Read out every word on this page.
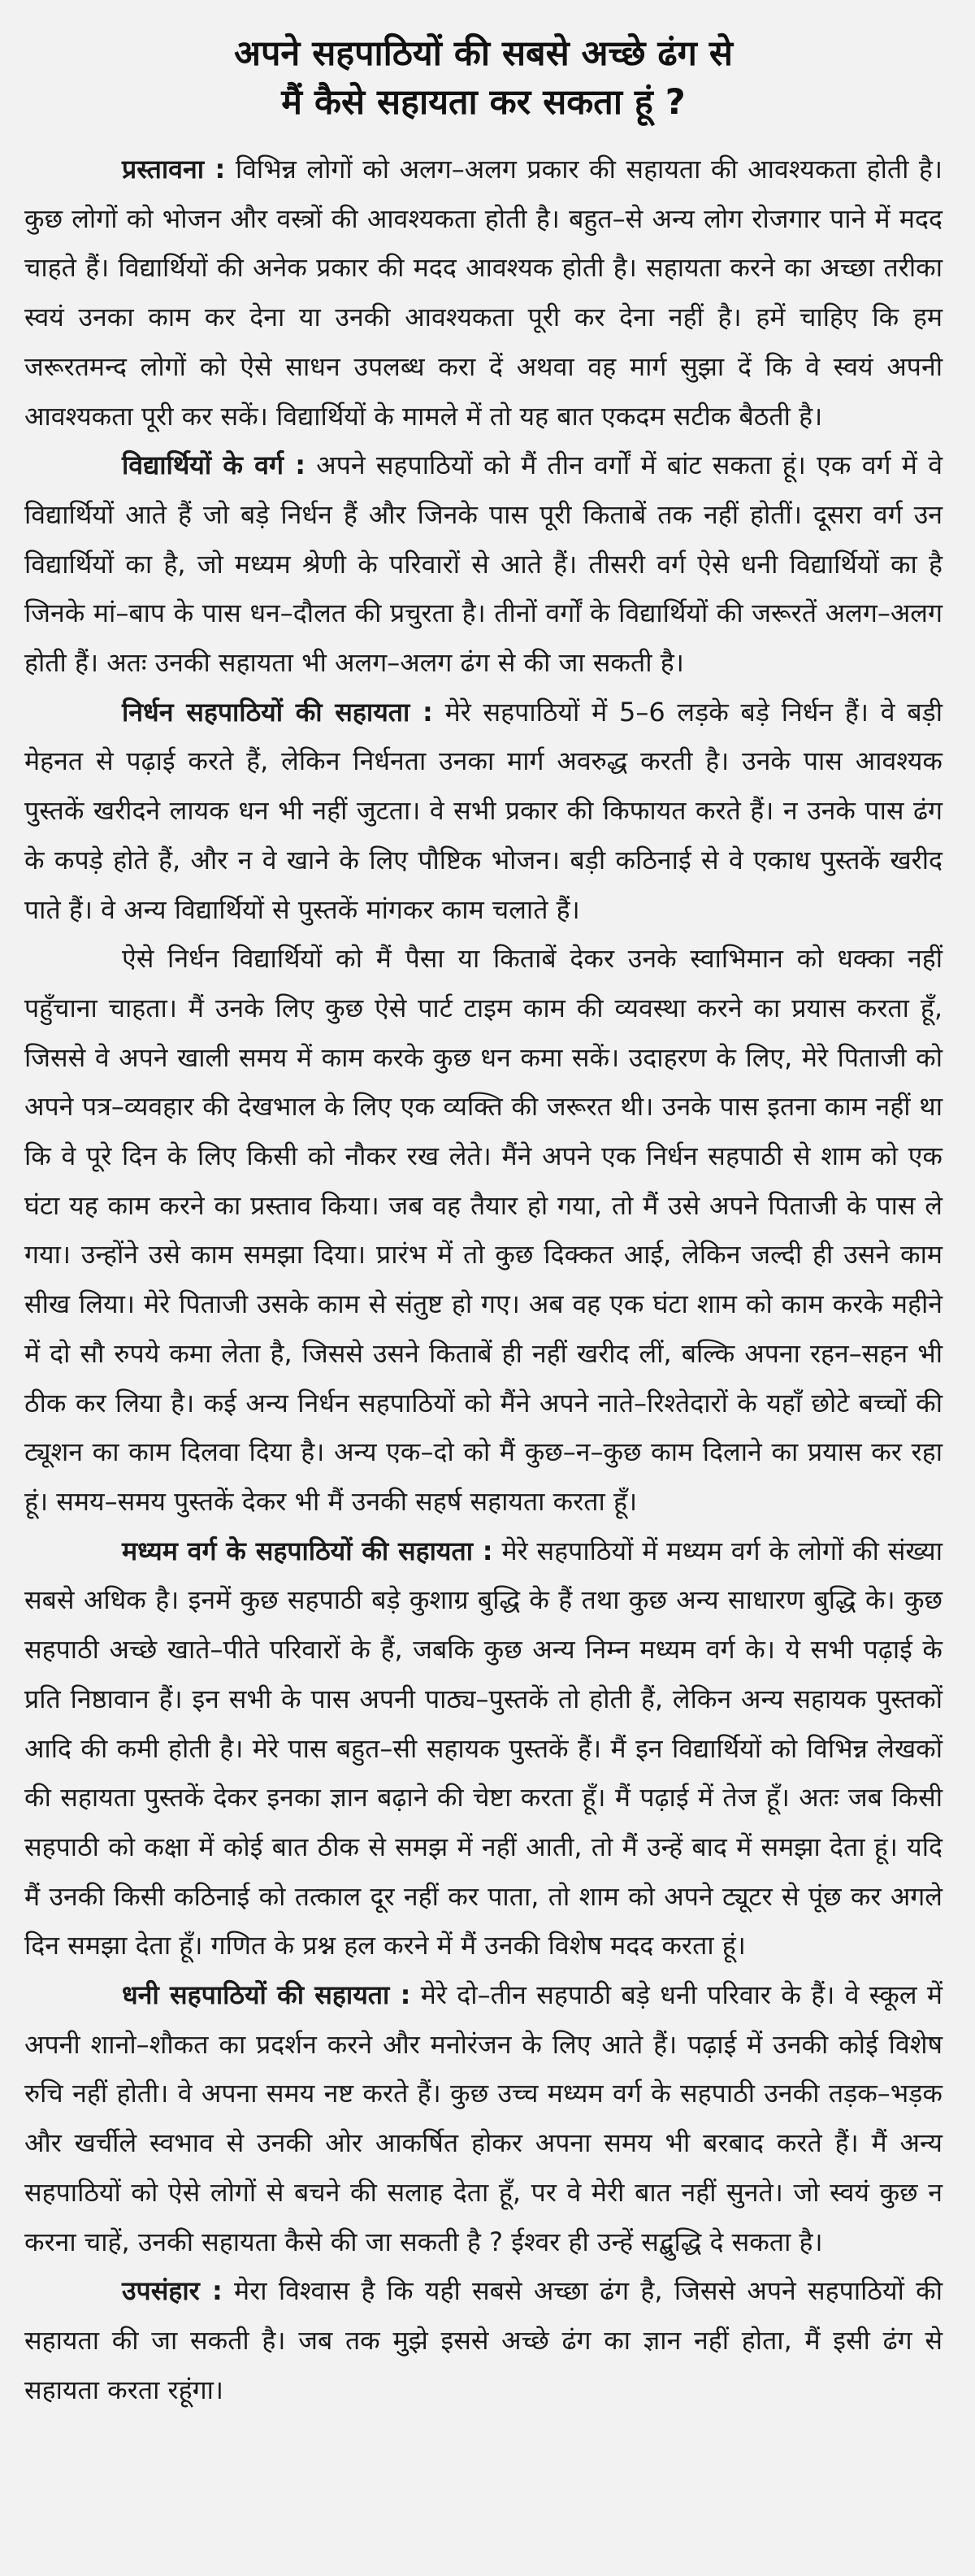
अपने सहपाठियों की सबसे अच्छे ढंग से
मैं कैसे सहायता कर सकता हूं ?

प्रस्तावना : विभिन्न लोगों को अलग–अलग प्रकार की सहायता की आवश्यकता होती है। कुछ लोगों को भोजन और वस्त्रों की आवश्यकता होती है। बहुत–से अन्य लोग रोजगार पाने में मदद चाहते हैं। विद्यार्थियों की अनेक प्रकार की मदद आवश्यक होती है। सहायता करने का अच्छा तरीका स्वयं उनका काम कर देना या उनकी आवश्यकता पूरी कर देना नहीं है। हमें चाहिए कि हम जरूरतमन्द लोगों को ऐसे साधन उपलब्ध करा दें अथवा वह मार्ग सुझा दें कि वे स्वयं अपनी आवश्यकता पूरी कर सकें। विद्यार्थियों के मामले में तो यह बात एकदम सटीक बैठती है।

विद्यार्थियों के वर्ग : अपने सहपाठियों को मैं तीन वर्गों में बांट सकता हूं। एक वर्ग में वे विद्यार्थियों आते हैं जो बड़े निर्धन हैं और जिनके पास पूरी किताबें तक नहीं होतीं। दूसरा वर्ग उन विद्यार्थियों का है, जो मध्यम श्रेणी के परिवारों से आते हैं। तीसरी वर्ग ऐसे धनी विद्यार्थियों का है जिनके मां–बाप के पास धन–दौलत की प्रचुरता है। तीनों वर्गों के विद्यार्थियों की जरूरतें अलग–अलग होती हैं। अतः उनकी सहायता भी अलग–अलग ढंग से की जा सकती है।

निर्धन सहपाठियों की सहायता : मेरे सहपाठियों में 5–6 लड़के बड़े निर्धन हैं। वे बड़ी मेहनत से पढ़ाई करते हैं, लेकिन निर्धनता उनका मार्ग अवरुद्ध करती है। उनके पास आवश्यक पुस्तकें खरीदने लायक धन भी नहीं जुटता। वे सभी प्रकार की किफायत करते हैं। न उनके पास ढंग के कपड़े होते हैं, और न वे खाने के लिए पौष्टिक भोजन। बड़ी कठिनाई से वे एकाध पुस्तकें खरीद पाते हैं। वे अन्य विद्यार्थियों से पुस्तकें मांगकर काम चलाते हैं।

ऐसे निर्धन विद्यार्थियों को मैं पैसा या किताबें देकर उनके स्वाभिमान को धक्का नहीं पहुँचाना चाहता। मैं उनके लिए कुछ ऐसे पार्ट टाइम काम की व्यवस्था करने का प्रयास करता हूँ, जिससे वे अपने खाली समय में काम करके कुछ धन कमा सकें। उदाहरण के लिए, मेरे पिताजी को अपने पत्र–व्यवहार की देखभाल के लिए एक व्यक्ति की जरूरत थी। उनके पास इतना काम नहीं था कि वे पूरे दिन के लिए किसी को नौकर रख लेते। मैंने अपने एक निर्धन सहपाठी से शाम को एक घंटा यह काम करने का प्रस्ताव किया। जब वह तैयार हो गया, तो मैं उसे अपने पिताजी के पास ले गया। उन्होंने उसे काम समझा दिया। प्रारंभ में तो कुछ दिक्कत आई, लेकिन जल्दी ही उसने काम सीख लिया। मेरे पिताजी उसके काम से संतुष्ट हो गए। अब वह एक घंटा शाम को काम करके महीने में दो सौ रुपये कमा लेता है, जिससे उसने किताबें ही नहीं खरीद लीं, बल्कि अपना रहन–सहन भी ठीक कर लिया है। कई अन्य निर्धन सहपाठियों को मैंने अपने नाते–रिश्तेदारों के यहाँ छोटे बच्चों की ट्यूशन का काम दिलवा दिया है। अन्य एक–दो को मैं कुछ–न–कुछ काम दिलाने का प्रयास कर रहा हूं। समय–समय पुस्तकें देकर भी मैं उनकी सहर्ष सहायता करता हूँ।

मध्यम वर्ग के सहपाठियों की सहायता : मेरे सहपाठियों में मध्यम वर्ग के लोगों की संख्या सबसे अधिक है। इनमें कुछ सहपाठी बड़े कुशाग्र बुद्धि के हैं तथा कुछ अन्य साधारण बुद्धि के। कुछ सहपाठी अच्छे खाते–पीते परिवारों के हैं, जबकि कुछ अन्य निम्न मध्यम वर्ग के। ये सभी पढ़ाई के प्रति निष्ठावान हैं। इन सभी के पास अपनी पाठ्य–पुस्तकें तो होती हैं, लेकिन अन्य सहायक पुस्तकों आदि की कमी होती है। मेरे पास बहुत–सी सहायक पुस्तकें हैं। मैं इन विद्यार्थियों को विभिन्न लेखकों की सहायता पुस्तकें देकर इनका ज्ञान बढ़ाने की चेष्टा करता हूँ। मैं पढ़ाई में तेज हूँ। अतः जब किसी सहपाठी को कक्षा में कोई बात ठीक से समझ में नहीं आती, तो मैं उन्हें बाद में समझा देता हूं। यदि मैं उनकी किसी कठिनाई को तत्काल दूर नहीं कर पाता, तो शाम को अपने ट्यूटर से पूंछ कर अगले दिन समझा देता हूँ। गणित के प्रश्न हल करने में मैं उनकी विशेष मदद करता हूं।

धनी सहपाठियों की सहायता : मेरे दो–तीन सहपाठी बड़े धनी परिवार के हैं। वे स्कूल में अपनी शानो–शौकत का प्रदर्शन करने और मनोरंजन के लिए आते हैं। पढ़ाई में उनकी कोई विशेष रुचि नहीं होती। वे अपना समय नष्ट करते हैं। कुछ उच्च मध्यम वर्ग के सहपाठी उनकी तड़क–भड़क और खर्चीले स्वभाव से उनकी ओर आकर्षित होकर अपना समय भी बरबाद करते हैं। मैं अन्य सहपाठियों को ऐसे लोगों से बचने की सलाह देता हूँ, पर वे मेरी बात नहीं सुनते। जो स्वयं कुछ न करना चाहें, उनकी सहायता कैसे की जा सकती है ? ईश्वर ही उन्हें सद्बुद्धि दे सकता है।

उपसंहार : मेरा विश्वास है कि यही सबसे अच्छा ढंग है, जिससे अपने सहपाठियों की सहायता की जा सकती है। जब तक मुझे इससे अच्छे ढंग का ज्ञान नहीं होता, मैं इसी ढंग से सहायता करता रहूंगा।
